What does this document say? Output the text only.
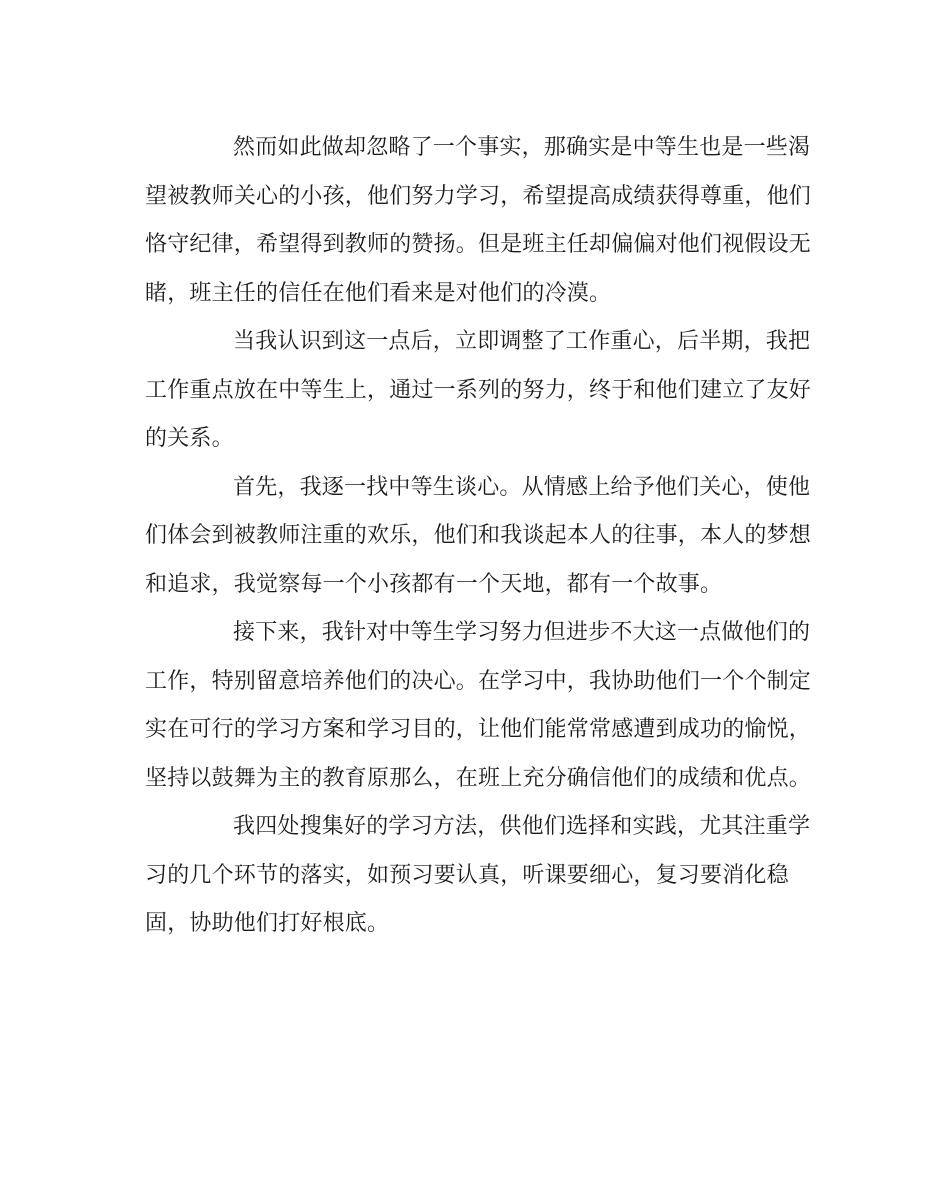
然而如此做却忽略了一个事实，那确实是中等生也是一些渴
望被教师关心的小孩，他们努力学习，希望提高成绩获得尊重，他们
恪守纪律，希望得到教师的赞扬。但是班主任却偏偏对他们视假设无
睹，班主任的信任在他们看来是对他们的冷漠。
当我认识到这一点后，立即调整了工作重心，后半期，我把
工作重点放在中等生上，通过一系列的努力，终于和他们建立了友好
的关系。
首先，我逐一找中等生谈心。从情感上给予他们关心，使他
们体会到被教师注重的欢乐，他们和我谈起本人的往事，本人的梦想
和追求，我觉察每一个小孩都有一个天地，都有一个故事。
接下来，我针对中等生学习努力但进步不大这一点做他们的
工作，特别留意培养他们的决心。在学习中，我协助他们一个个制定
实在可行的学习方案和学习目的，让他们能常常感遭到成功的愉悦，
坚持以鼓舞为主的教育原那么，在班上充分确信他们的成绩和优点。
我四处搜集好的学习方法，供他们选择和实践，尤其注重学
习的几个环节的落实，如预习要认真，听课要细心，复习要消化稳
固，协助他们打好根底。
